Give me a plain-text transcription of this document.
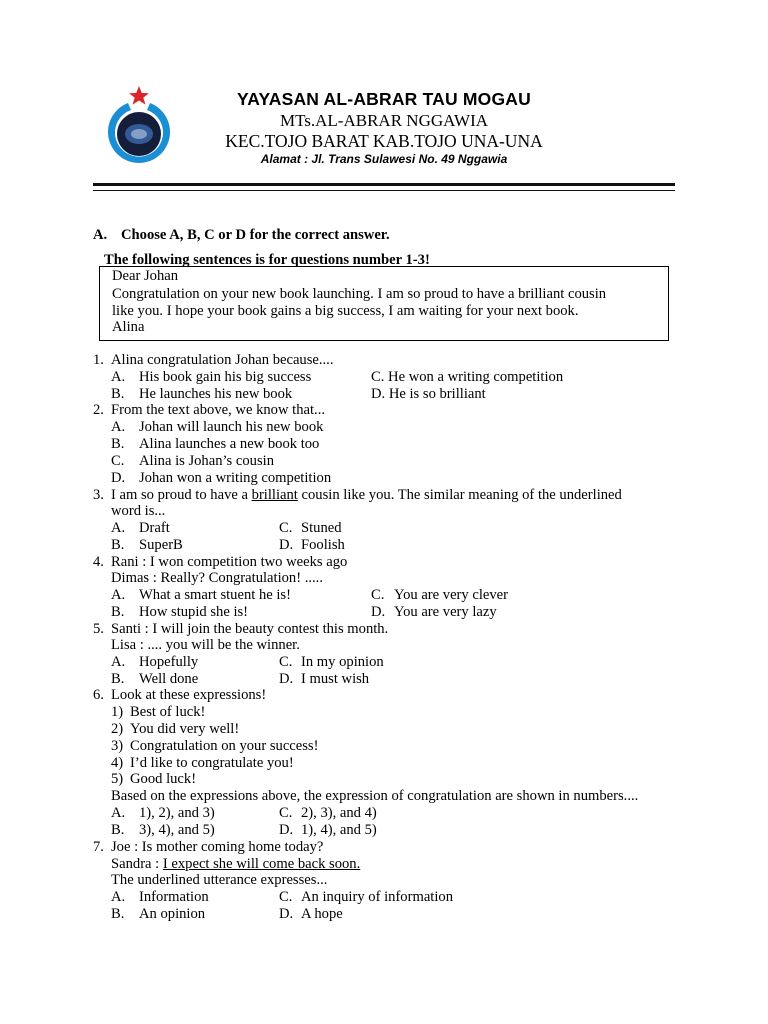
YAYASAN AL-ABRAR TAU MOGAU
MTs.AL-ABRAR NGGAWIA
KEC.TOJO BARAT KAB.TOJO UNA-UNA
Alamat : Jl. Trans Sulawesi No. 49 Nggawia
A. Choose A, B, C or D for the correct answer.
The following sentences is for questions number 1-3!
Dear Johan
Congratulation on your new book launching. I am so proud to have a brilliant cousin
like you. I hope your book gains a big success, I am waiting for your next book.
Alina
1. Alina congratulation Johan because....
A. His book gain his big success	C. He won a writing competition
B. He launches his new book	D. He is so brilliant
2. From the text above, we know that...
A. Johan will launch his new book
B. Alina launches a new book too
C. Alina is Johan’s cousin
D. Johan won a writing competition
3. I am so proud to have a brilliant cousin like you. The similar meaning of the underlined
word is...
A. Draft	C. Stuned
B. SuperB	D. Foolish
4. Rani : I won competition two weeks ago
Dimas : Really? Congratulation! .....
A. What a smart stuent he is!	C. You are very clever
B. How stupid she is!	D. You are very lazy
5. Santi : I will join the beauty contest this month.
Lisa : .... you will be the winner.
A. Hopefully	C. In my opinion
B. Well done	D. I must wish
6. Look at these expressions!
1) Best of luck!
2) You did very well!
3) Congratulation on your success!
4) I’d like to congratulate you!
5) Good luck!
Based on the expressions above, the expression of congratulation are shown in numbers....
A. 1), 2), and 3)	C. 2), 3), and 4)
B. 3), 4), and 5)	D. 1), 4), and 5)
7. Joe : Is mother coming home today?
Sandra : I expect she will come back soon.
The underlined utterance expresses...
A. Information	C. An inquiry of information
B. An opinion	D. A hope
